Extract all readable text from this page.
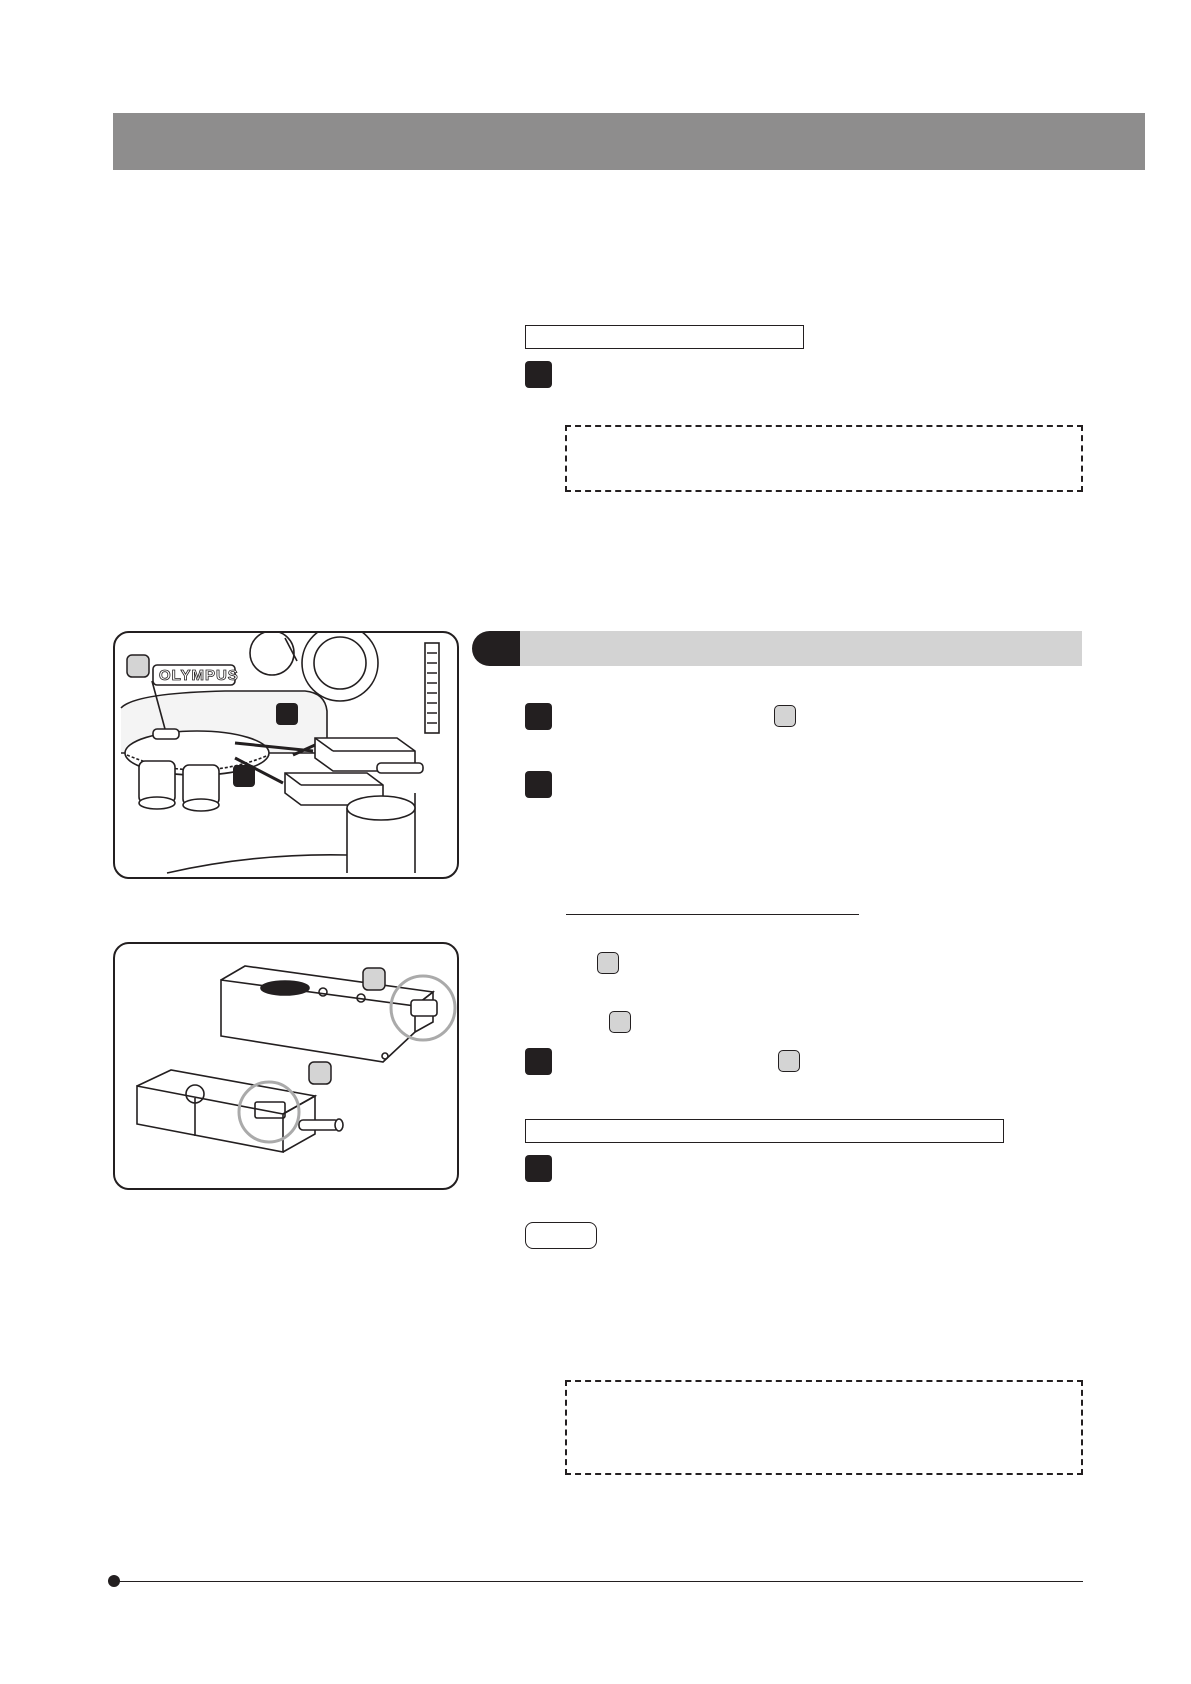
OLYMPUS
